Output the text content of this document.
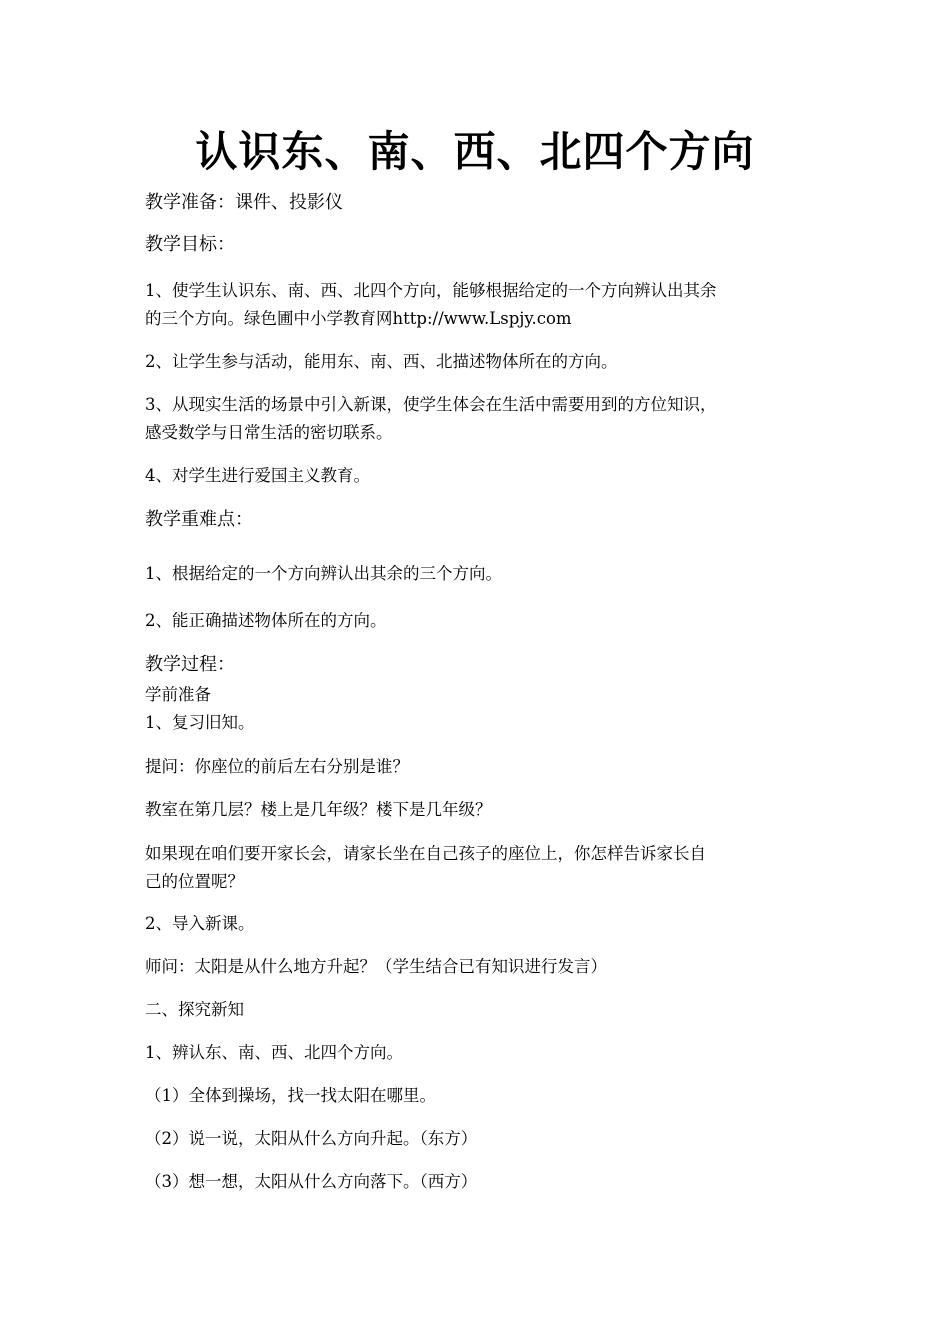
认识东、南、西、北四个方向

教学准备：课件、投影仪

教学目标：

1、使学生认识东、南、西、北四个方向，能够根据给定的一个方向辨认出其余

的三个方向。绿色圃中小学教育网http://www.Lspjy.com

2、让学生参与活动，能用东、南、西、北描述物体所在的方向。

3、从现实生活的场景中引入新课，使学生体会在生活中需要用到的方位知识，

感受数学与日常生活的密切联系。

4、对学生进行爱国主义教育。

教学重难点：

1、根据给定的一个方向辨认出其余的三个方向。

2、能正确描述物体所在的方向。

教学过程：

学前准备

1、复习旧知。

提问：你座位的前后左右分别是谁？

教室在第几层？楼上是几年级？楼下是几年级？

如果现在咱们要开家长会，请家长坐在自己孩子的座位上，你怎样告诉家长自

己的位置呢？

2、导入新课。

师问：太阳是从什么地方升起？（学生结合已有知识进行发言）

二、探究新知

1、辨认东、南、西、北四个方向。

（1）全体到操场，找一找太阳在哪里。

（2）说一说，太阳从什么方向升起。（东方）

（3）想一想，太阳从什么方向落下。（西方）
